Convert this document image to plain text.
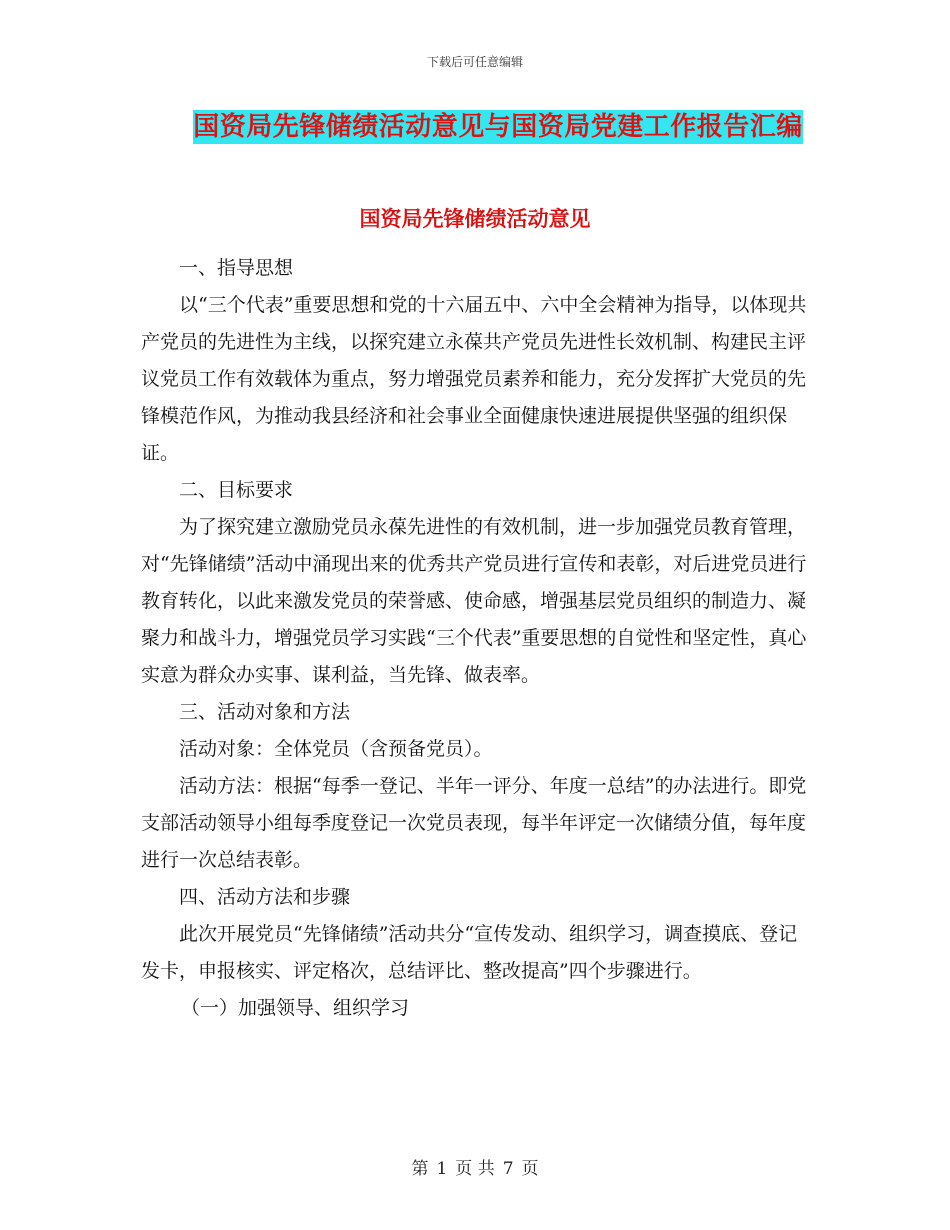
下载后可任意编辑
国资局先锋储绩活动意见与国资局党建工作报告汇编
国资局先锋储绩活动意见

一、指导思想

以“三个代表”重要思想和党的十六届五中、六中全会精神为指导，以体现共产党员的先进性为主线，以探究建立永葆共产党员先进性长效机制、构建民主评议党员工作有效载体为重点，努力增强党员素养和能力，充分发挥扩大党员的先锋模范作风，为推动我县经济和社会事业全面健康快速进展提供坚强的组织保证。

二、目标要求

为了探究建立激励党员永葆先进性的有效机制，进一步加强党员教育管理，对“先锋储绩”活动中涌现出来的优秀共产党员进行宣传和表彰，对后进党员进行教育转化，以此来激发党员的荣誉感、使命感，增强基层党员组织的制造力、凝聚力和战斗力，增强党员学习实践“三个代表”重要思想的自觉性和坚定性，真心实意为群众办实事、谋利益，当先锋、做表率。

三、活动对象和方法

活动对象：全体党员（含预备党员）。

活动方法：根据“每季一登记、半年一评分、年度一总结”的办法进行。即党支部活动领导小组每季度登记一次党员表现，每半年评定一次储绩分值，每年度进行一次总结表彰。

四、活动方法和步骤

此次开展党员“先锋储绩”活动共分“宣传发动、组织学习，调查摸底、登记发卡，申报核实、评定格次，总结评比、整改提高”四个步骤进行。

（一）加强领导、组织学习

第 1 页 共 7 页
